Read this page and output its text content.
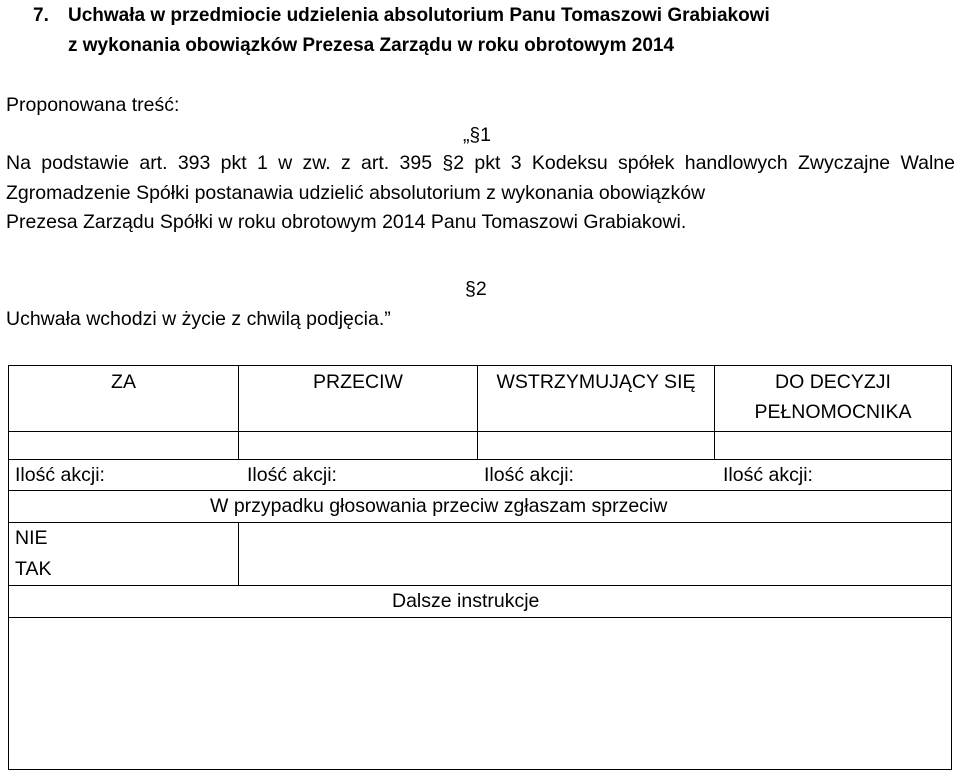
7. Uchwała w przedmiocie udzielenia absolutorium Panu Tomaszowi Grabiakowi
z wykonania obowiązków Prezesa Zarządu w roku obrotowym 2014
Proponowana treść:
„§1

Na podstawie art. 393 pkt 1 w zw. z art. 395 §2 pkt 3 Kodeksu spółek handlowych Zwyczajne Walne Zgromadzenie Spółki postanawia udzielić absolutorium z wykonania obowiązków
Prezesa Zarządu Spółki w roku obrotowym 2014 Panu Tomaszowi Grabiakowi.

§2
Uchwała wchodzi w życie z chwilą podjęcia.”
ZA	PRZECIW	WSTRZYMUJĄCY SIĘ	DO DECYZJI PEŁNOMOCNIKA
Ilość akcji:	Ilość akcji:	Ilość akcji:	Ilość akcji:
W przypadku głosowania przeciw zgłaszam sprzeciw
NIE
TAK
Dalsze instrukcje
